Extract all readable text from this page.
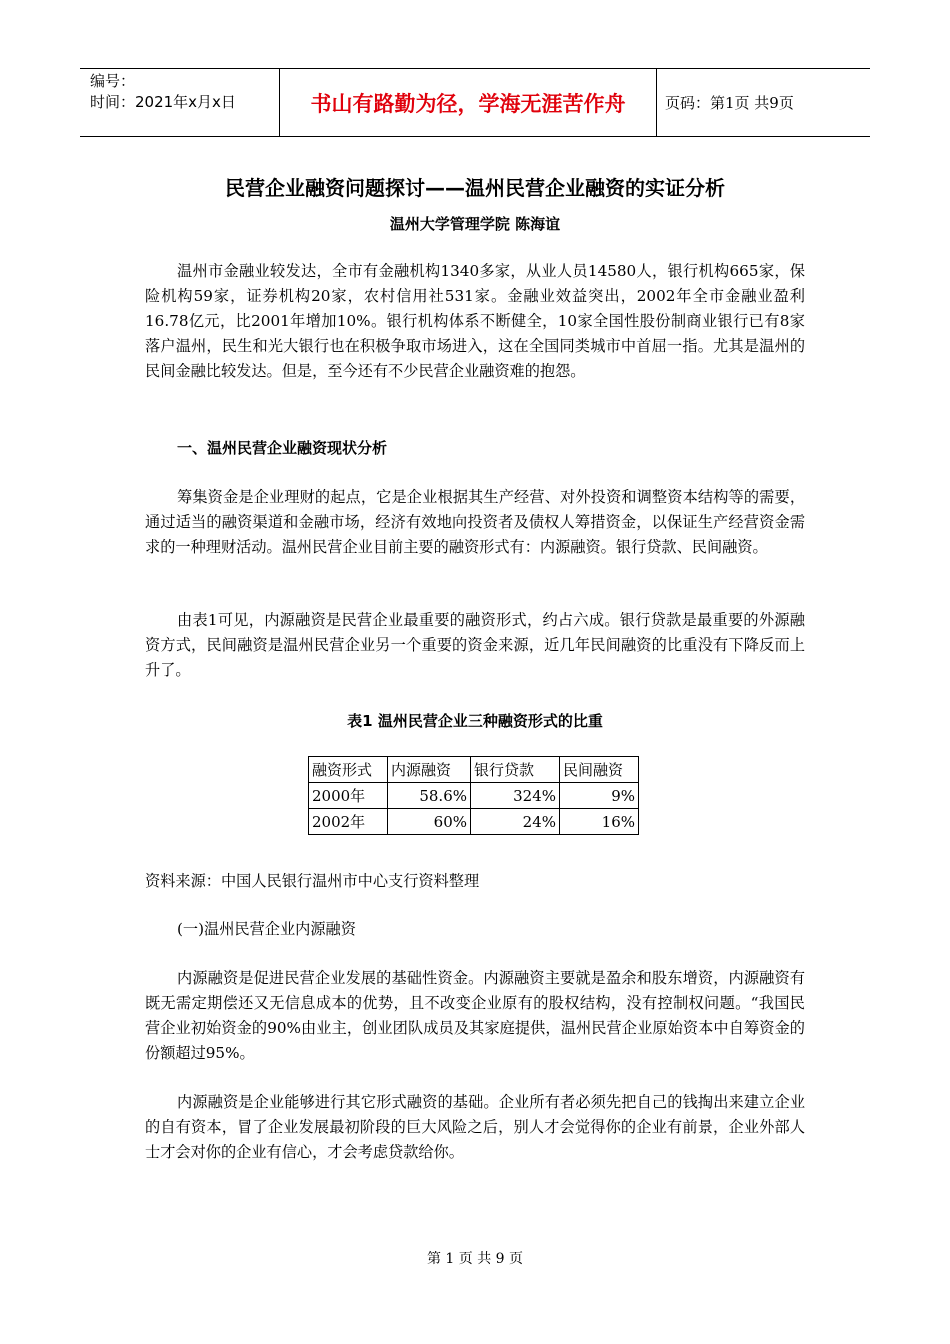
编号：
时间：2021年x月x日	书山有路勤为径，学海无涯苦作舟	页码：第1页 共9页
民营企业融资问题探讨——温州民营企业融资的实证分析
温州大学管理学院 陈海谊
温州市金融业较发达，全市有金融机构1340多家，从业人员14580人，银行机构665家，保险机构59家，证券机构20家，农村信用社531家。金融业效益突出，2002年全市金融业盈利16.78亿元，比2001年增加10%。银行机构体系不断健全，10家全国性股份制商业银行已有8家落户温州，民生和光大银行也在积极争取市场进入，这在全国同类城市中首屈一指。尤其是温州的民间金融比较发达。但是，至今还有不少民营企业融资难的抱怨。
一、温州民营企业融资现状分析
筹集资金是企业理财的起点，它是企业根据其生产经营、对外投资和调整资本结构等的需要，通过适当的融资渠道和金融市场，经济有效地向投资者及债权人筹措资金，以保证生产经营资金需求的一种理财活动。温州民营企业目前主要的融资形式有：内源融资。银行贷款、民间融资。
由表1可见，内源融资是民营企业最重要的融资形式，约占六成。银行贷款是最重要的外源融资方式，民间融资是温州民营企业另一个重要的资金来源，近几年民间融资的比重没有下降反而上升了。
表1 温州民营企业三种融资形式的比重
融资形式	内源融资	银行贷款	民间融资
2000年	58.6%	324%	9%
2002年	60%	24%	16%
资料来源：中国人民银行温州市中心支行资料整理
(一)温州民营企业内源融资
内源融资是促进民营企业发展的基础性资金。内源融资主要就是盈余和股东增资，内源融资有既无需定期偿还又无信息成本的优势，且不改变企业原有的股权结构，没有控制权问题。“我国民营企业初始资金的90%由业主，创业团队成员及其家庭提供，温州民营企业原始资本中自筹资金的份额超过95%。
内源融资是企业能够进行其它形式融资的基础。企业所有者必须先把自己的钱掏出来建立企业的自有资本，冒了企业发展最初阶段的巨大风险之后，别人才会觉得你的企业有前景，企业外部人士才会对你的企业有信心，才会考虑贷款给你。
第 1 页 共 9 页
